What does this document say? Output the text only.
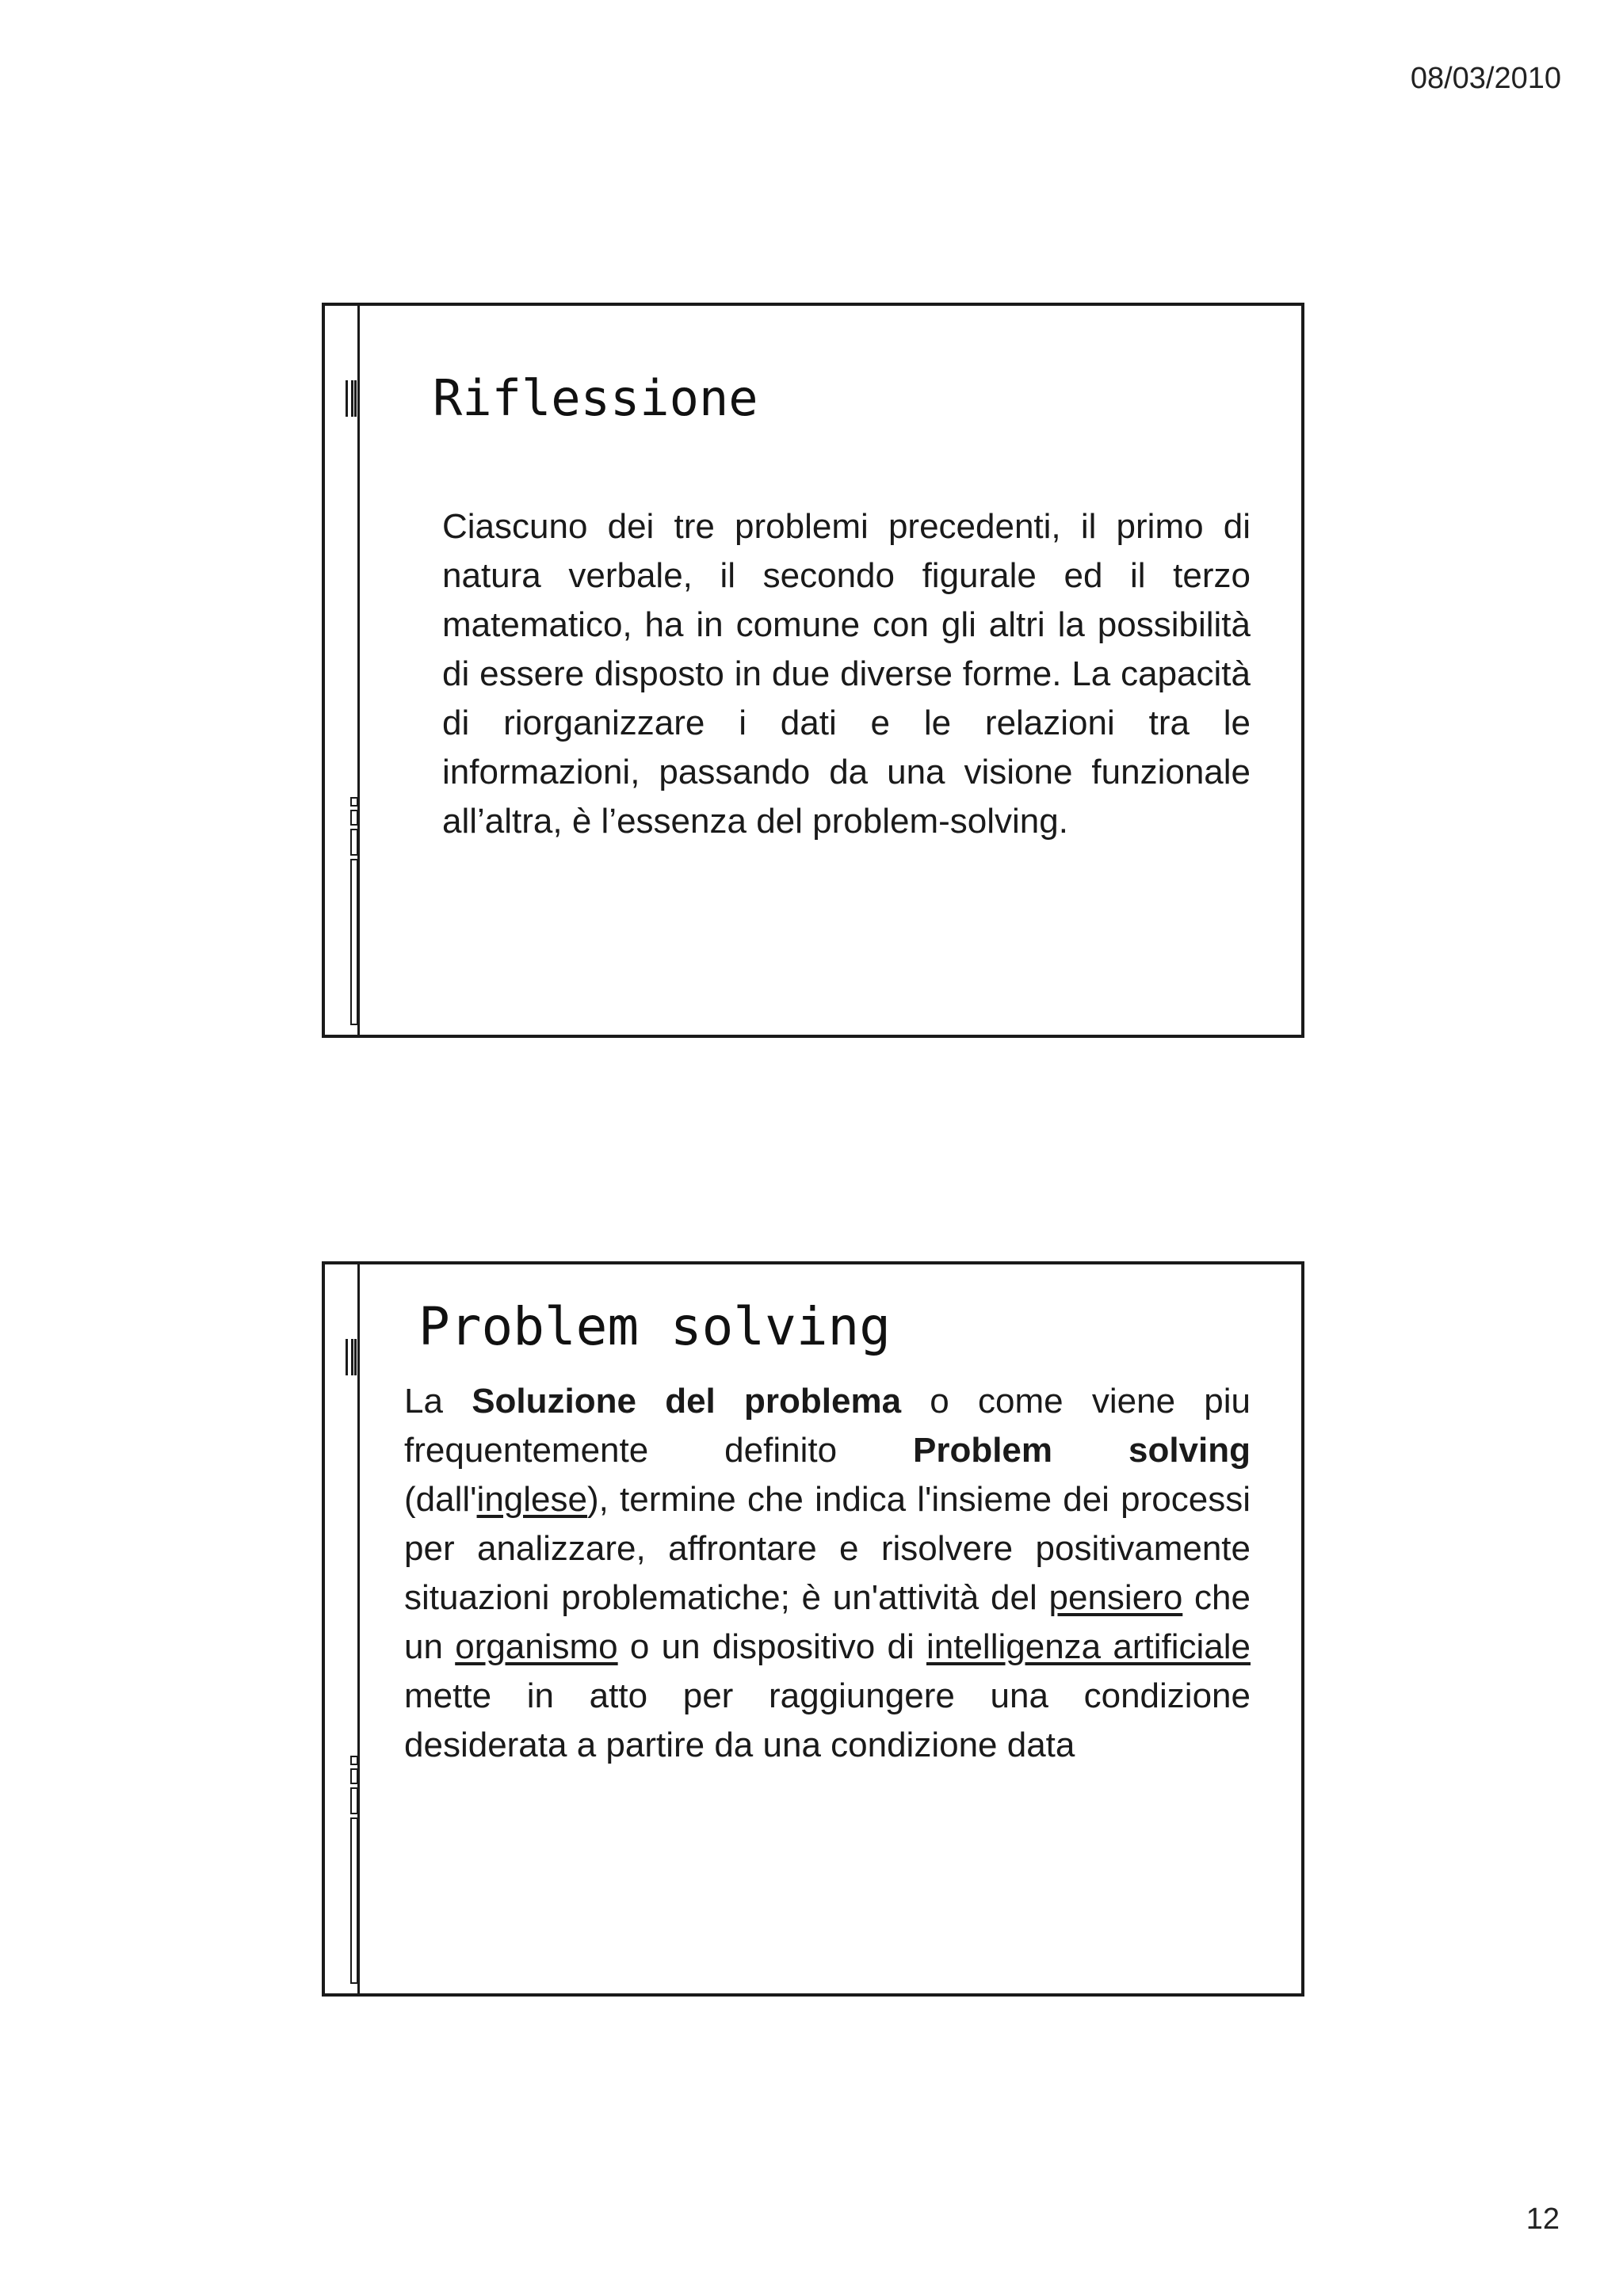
08/03/2010
Riflessione
Ciascuno dei tre problemi precedenti, il primo di natura verbale, il secondo figurale ed il terzo matematico, ha in comune con gli altri la possibilità di essere disposto in due diverse forme. La capacità di riorganizzare i dati e le relazioni tra le informazioni, passando da una visione funzionale all’altra, è l’essenza del problem-solving.
Problem solving
La Soluzione del problema o come viene piu frequentemente definito Problem solving (dall'inglese), termine che indica l'insieme dei processi per analizzare, affrontare e risolvere positivamente situazioni problematiche; è un'attività del pensiero che un organismo o un dispositivo di intelligenza artificiale mette in atto per raggiungere una condizione desiderata a partire da una condizione data
12
